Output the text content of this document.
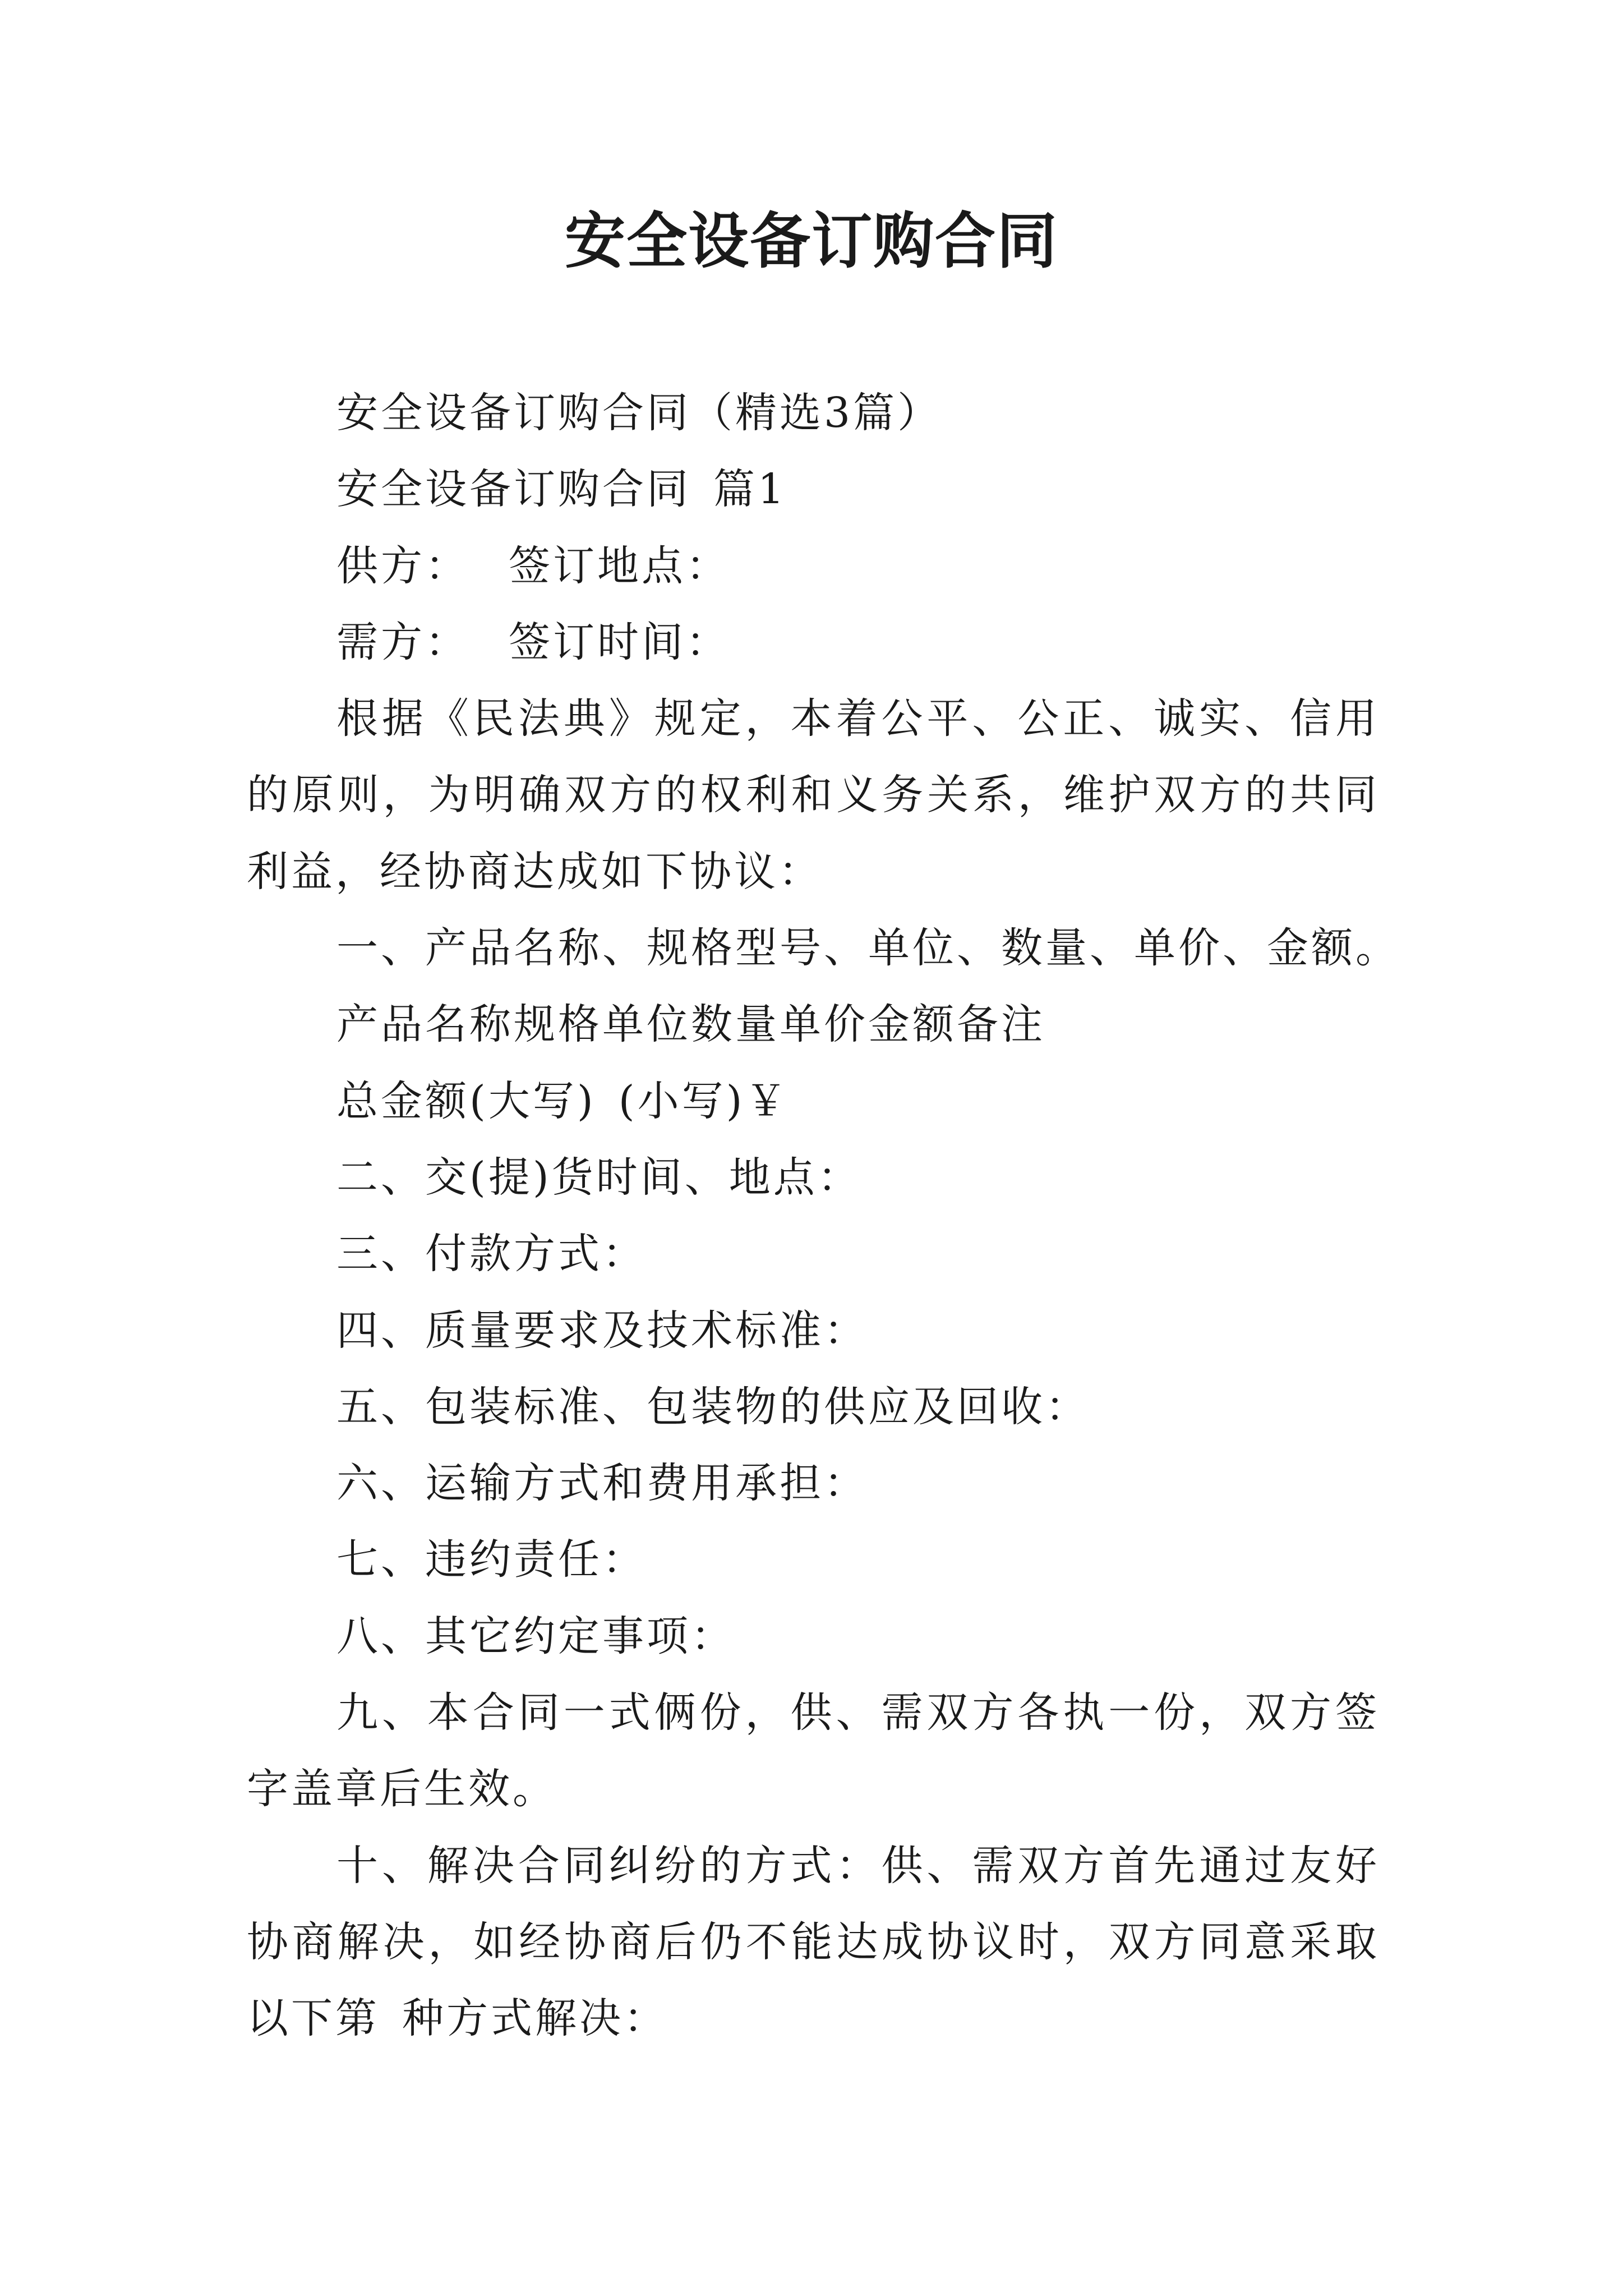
安全设备订购合同

安全设备订购合同（精选3篇）

安全设备订购合同 篇1

供方： 签订地点：

需方： 签订时间：

根据《民法典》规定，本着公平、公正、诚实、信用的原则，为明确双方的权利和义务关系，维护双方的共同利益，经协商达成如下协议：

一、产品名称、规格型号、单位、数量、单价、金额。

产品名称规格单位数量单价金额备注

总金额(大写) (小写)￥

二、交(提)货时间、地点：

三、付款方式：

四、质量要求及技术标准：

五、包装标准、包装物的供应及回收：

六、运输方式和费用承担：

七、违约责任：

八、其它约定事项：

九、本合同一式俩份，供、需双方各执一份，双方签字盖章后生效。

十、解决合同纠纷的方式：供、需双方首先通过友好协商解决，如经协商后仍不能达成协议时，双方同意采取以下第 种方式解决：
